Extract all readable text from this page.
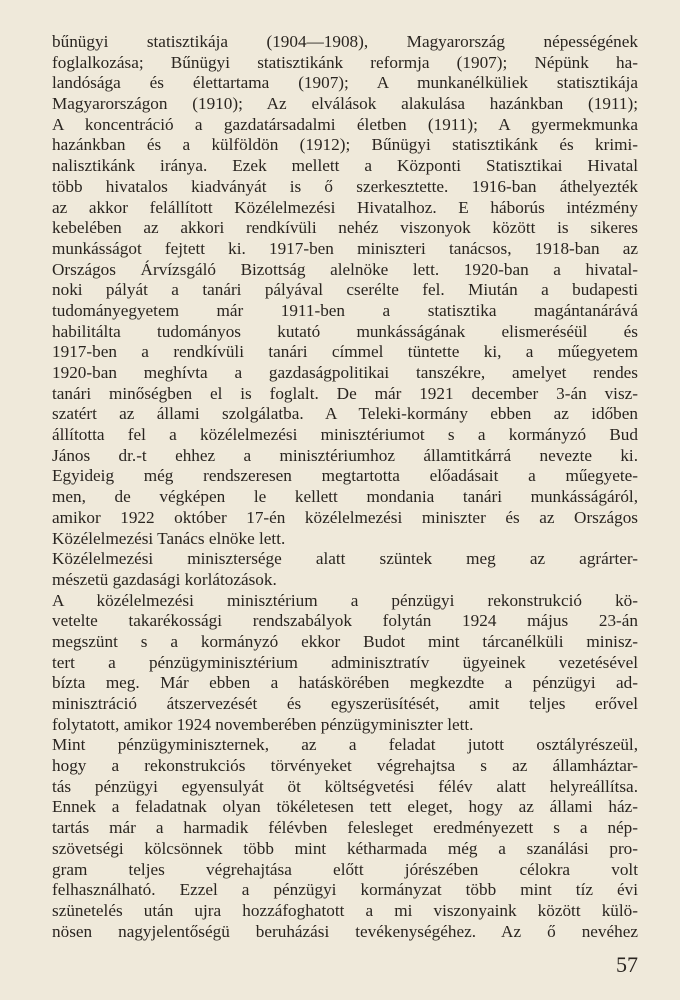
bűnügyi statisztikája (1904—1908), Magyarország népességének
foglalkozása; Bűnügyi statisztikánk reformja (1907); Népünk ha-
landósága és élettartama (1907); A munkanélküliek statisztikája
Magyarországon (1910); Az elválások alakulása hazánkban (1911);
A koncentráció a gazdatársadalmi életben (1911); A gyermekmunka
hazánkban és a külföldön (1912); Bűnügyi statisztikánk és krimi-
nalisztikánk iránya. Ezek mellett a Központi Statisztikai Hivatal
több hivatalos kiadványát is ő szerkesztette. 1916-ban áthelyezték
az akkor felállított Közélelmezési Hivatalhoz. E háborús intézmény
kebelében az akkori rendkívüli nehéz viszonyok között is sikeres
munkásságot fejtett ki. 1917-ben miniszteri tanácsos, 1918-ban az
Országos Árvízsgáló Bizottság alelnöke lett. 1920-ban a hivatal-
noki pályát a tanári pályával cserélte fel. Miután a budapesti
tudományegyetem már 1911-ben a statisztika magántanárává
habilitálta tudományos kutató munkásságának elismeréséül és
1917-ben a rendkívüli tanári címmel tüntette ki, a műegyetem
1920-ban meghívta a gazdaságpolitikai tanszékre, amelyet rendes
tanári minőségben el is foglalt. De már 1921 december 3-án visz-
szatért az állami szolgálatba. A Teleki-kormány ebben az időben
állította fel a közélelmezési minisztériumot s a kormányzó Bud
János dr.-t ehhez a minisztériumhoz államtitkárrá nevezte ki.
Egyideig még rendszeresen megtartotta előadásait a műegyete-
men, de végképen le kellett mondania tanári munkásságáról,
amikor 1922 október 17-én közélelmezési miniszter és az Országos
Közélelmezési Tanács elnöke lett.
Közélelmezési minisztersége alatt szüntek meg az agrárter-
mészetü gazdasági korlátozások.
A közélelmezési minisztérium a pénzügyi rekonstrukció kö-
vetelte takarékossági rendszabályok folytán 1924 május 23-án
megszünt s a kormányzó ekkor Budot mint tárcanélküli minisz-
tert a pénzügyminisztérium adminisztratív ügyeinek vezetésével
bízta meg. Már ebben a hatáskörében megkezdte a pénzügyi ad-
minisztráció átszervezését és egyszerüsítését, amit teljes erővel
folytatott, amikor 1924 novemberében pénzügyminiszter lett.
Mint pénzügyminiszternek, az a feladat jutott osztályrészeül,
hogy a rekonstrukciós törvényeket végrehajtsa s az államháztar-
tás pénzügyi egyensulyát öt költségvetési félév alatt helyreállítsa.
Ennek a feladatnak olyan tökéletesen tett eleget, hogy az állami ház-
tartás már a harmadik félévben felesleget eredményezett s a nép-
szövetségi kölcsönnek több mint kétharmada még a szanálási pro-
gram teljes végrehajtása előtt jórészében célokra volt
felhasználható. Ezzel a pénzügyi kormányzat több mint tíz évi
szünetelés után ujra hozzáfoghatott a mi viszonyaink között külö-
nösen nagyjelentőségü beruházási tevékenységéhez. Az ő nevéhez
57
